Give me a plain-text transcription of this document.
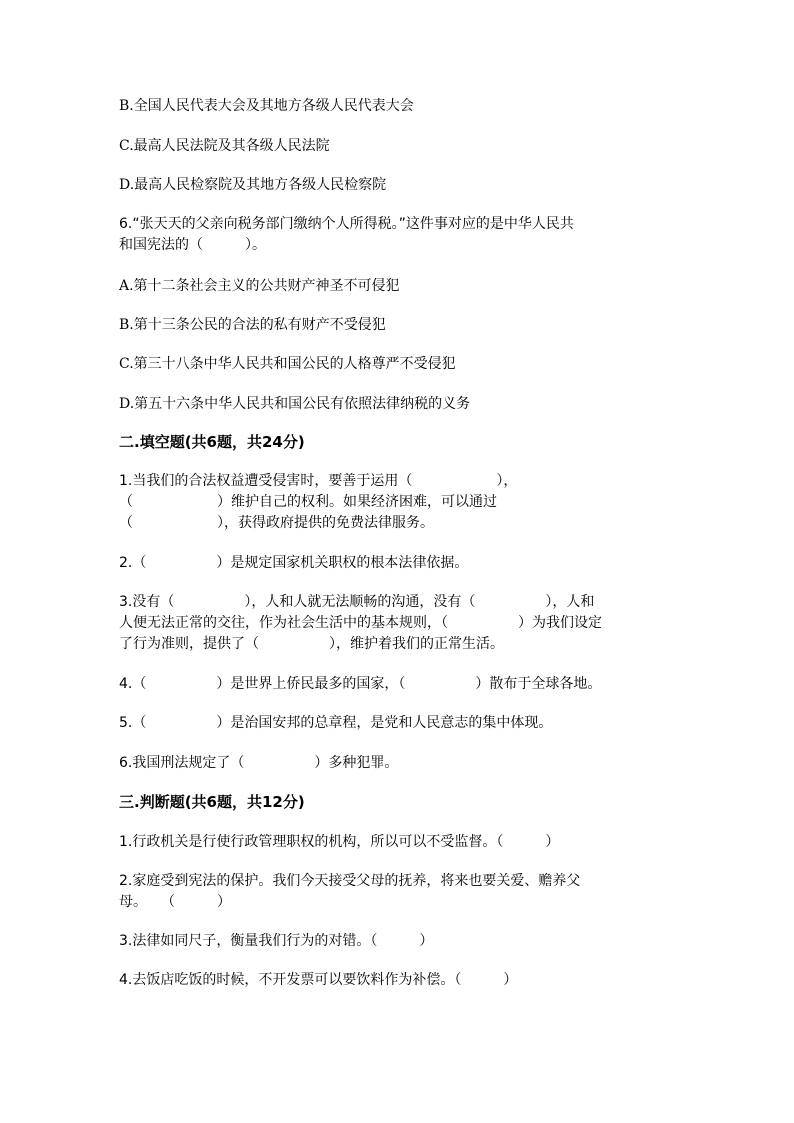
B.全国人民代表大会及其地方各级人民代表大会
C.最高人民法院及其各级人民法院
D.最高人民检察院及其地方各级人民检察院
6.“张天天的父亲向税务部门缴纳个人所得税。”这件事对应的是中华人民共
和国宪法的（　　　）。
A.第十二条社会主义的公共财产神圣不可侵犯
B.第十三条公民的合法的私有财产不受侵犯
C.第三十八条中华人民共和国公民的人格尊严不受侵犯
D.第五十六条中华人民共和国公民有依照法律纳税的义务
二.填空题(共6题，共24分)
1.当我们的合法权益遭受侵害时，要善于运用（　　　　　　），
（　　　　　　）维护自己的权利。如果经济困难，可以通过
（　　　　　　），获得政府提供的免费法律服务。
2.（　　　　　）是规定国家机关职权的根本法律依据。
3.没有（　　　　　），人和人就无法顺畅的沟通，没有（　　　　　），人和
人便无法正常的交往，作为社会生活中的基本规则，（　　　　　）为我们设定
了行为准则，提供了（　　　　　），维护着我们的正常生活。
4.（　　　　　）是世界上侨民最多的国家，（　　　　　）散布于全球各地。
5.（　　　　　）是治国安邦的总章程，是党和人民意志的集中体现。
6.我国刑法规定了（　　　　　）多种犯罪。
三.判断题(共6题，共12分)
1.行政机关是行使行政管理职权的机构，所以可以不受监督。（　　　）
2.家庭受到宪法的保护。我们今天接受父母的抚养，将来也要关爱、赡养父
母。　　（　　　）
3.法律如同尺子，衡量我们行为的对错。（　　　）
4.去饭店吃饭的时候，不开发票可以要饮料作为补偿。（　　　）
